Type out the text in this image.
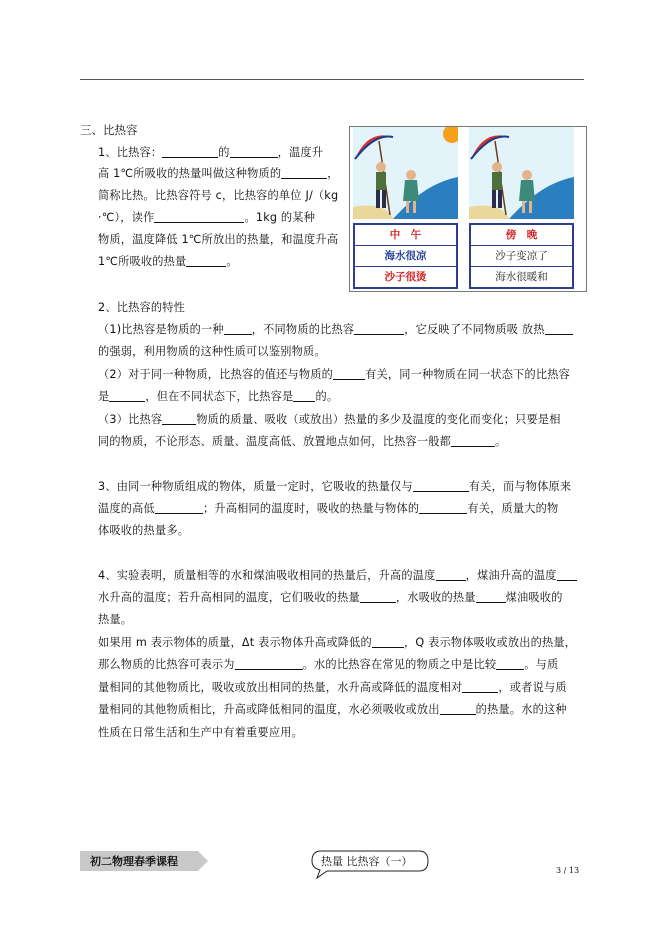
三、比热容
1、比热容：	的	，温度升
高 1℃所吸收的热量叫做这种物质的	，
简称比热。比热容符号 c，比热容的单位 J/（kg
·℃），读作	。1kg 的某种
物质，温度降低 1℃所放出的热量，和温度升高
1℃所吸收的热量	。
中　午
海水很凉
沙子很烫
傍　晚
沙子变凉了
海水很暖和
2、比热容的特性
（1)比热容是物质的一种	，不同物质的比热容	，它反映了不同物质吸 放热
的强弱，利用物质的这种性质可以鉴别物质。
（2）对于同一种物质，比热容的值还与物质的	有关，同一种物质在同一状态下的比热容
是	，但在不同状态下，比热容是 的。
（3）比热容	物质的质量、吸收（或放出）热量的多少及温度的变化而变化；只要是相
同的物质，不论形态、质量、温度高低、放置地点如何，比热容一般都	。
3、由同一种物质组成的物体，质量一定时，它吸收的热量仅与	有关，而与物体原来
温度的高低	；升高相同的温度时，吸收的热量与物体的	有关，质量大的物
体吸收的热量多。
4、实验表明，质量相等的水和煤油吸收相同的热量后，升高的温度	，煤油升高的温度
水升高的温度；若升高相同的温度，它们吸收的热量	，水吸收的热量	煤油吸收的
热量。
如果用 m 表示物体的质量，Δt 表示物体升高或降低的	，Q 表示物体吸收或放出的热量，
那么物质的比热容可表示为	。水的比热容在常见的物质之中是比较	。与质
量相同的其他物质比，吸收或放出相同的热量，水升高或降低的温度相对	，或者说与质
量相同的其他物质相比，升高或降低相同的温度，水必须吸收或放出	的热量。水的这种
性质在日常生活和生产中有着重要应用。
初二物理春季课程	热量 比热容（一）
3 / 13
